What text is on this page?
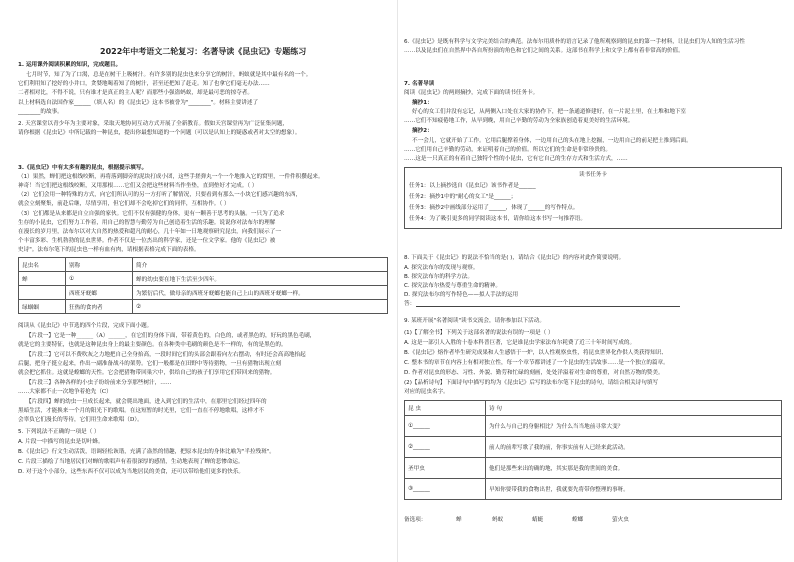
2022年中考语文二轮复习：名著导读《昆虫记》专题练习
1. 运用课外阅读积累的知识，完成题目。
七月时节，知了为了口渴，总是在树干上吸树汁。有许多别的昆虫也来分享它的树汁，蚂蚁就是其中最有名的一个。
它们利用知了挖好的小井口，贪婪地喝着知了的树汁，甚至还把知了赶走。知了也拿它们毫无办法……
二者相对比，不得不说，只有谁才是真正的主人呢？而那些小强盗蚂蚁，却是最可恶的掠夺者。
以上材料选自法国作家______（填人名）的《昆虫记》这本书被誉为"________"。材料主要讲述了
________的故事。
2. 天宫课堂以青少年为主要对象，采取天地协同互动方式开展了全新教育。假如天宫课堂再为广泛征集问题，
请你根据《昆虫记》中所记载的一种昆虫，提出你最想知道的一个问题（可以是认知上的疑惑或者对太空的想象）。
3.《昆虫记》中有太多有趣的昆虫，根据提示填写。
（1）果然，蝉们把这根线咬断，再将落到脚旁的泥块打成小团，这些手搓弹丸一个一个地推入它的窝里，一件件积攒起来。
神奇！当它们把这根线咬断，又用那根……它们又会把这些材料当作坐垫，直到垫好才完成。（ ）
（2）它们会用一种特殊的方式，向它们所认可的另一方打听了解情况，只要看到有那么一小块它们感兴趣的东西，
就会立刻聚集，前赴后继，尽情享用，但它们却不会吃掉它们的同伴，互相协作。（ ）
（3）它们都是从来都是自立自强的家伙。它们不仅有强健的身体，更有一颗善于思考的头脑。一只为了追求
生存的小昆虫，它们努力工作着，用自己的智慧与勤劳为自己创造着生活的乐趣。说说你对法布尔的理解
在漫长的岁月里，法布尔以对大自然的热爱和超凡的耐心，几十年如一日地观察研究昆虫，向我们展示了一
个丰富多彩、生机勃勃的昆虫世界。作者不仅是一位杰出的科学家，还是一位文学家。他的《昆虫记》被
史诗"。法布尔笔下的昆虫也一样有血有肉，请根据表格完成下面的表格。
昆虫名	别称	简介
蝉	①	蝉的幼虫要在地下生活至少四年。
	西班牙蜣螂	为繁衍后代，做母亲的西班牙蜣螂也能自己上山的西班牙蜣螂一样。
绿蝈蝈	狂热的食肉者	②
阅读从《昆虫记》中节选的四个片段，完成下面小题。
【片段一】它是一种______（A）______，在它们的身体下面，带着黄色的，白色的，或者黑色的，好玩的黑色毛刷，
就是它的主要特征，也就是这种昆虫身上的最主要颜色。在各种类中毛刷的颜色是不一样的，有的是黑色的。
【片段二】它可以不费吹灰之力地把自己全身抬高，一段时间它们的头部会跟着向左右摆动，有时还会高高地抬起
后腿，把身子挺立起来，作出一副准备战斗的架势。它们一般都是在田野中等待猎物，一旦有猎物出现立刻
就会把它抓住。这就是螳螂的天性。它会把猎物带回巢穴中，供给自己的孩子们享用它们带回来的猎物。
【片段三】各种各样的小虫子纷纷前来分享那些树汁，……
……大家都不止一次地争着抢先（C）
【片段四】蝉的幼虫一旦成长起来，就会爬出地面，进入到它们的生活中，在那里它们经过四年的
黑暗生活，才能换来一个月的阳光下的歌唱。在这短暂的时光里，它们一直在不停地歌唱，这样才不
会辜负它们漫长的等待，它们用生命来歌唱（D）。
5. 下列说法不正确的一项是（ ）
A. 片段一中描写的昆虫是切叶蜂。
B.《昆虫记》行文生动活泼，语调轻松诙谐，充满了盎然的情趣，把原本昆虫的身体比喻为"半拉残斑"。
C. 片段三描绘了当地居民们对蝉的歌唱声有着很深厚的感情，生动地表现了蝉的悲惨命运。
D. 对于这个小部分，这些东西不仅可以成为当地居民的美食，还可以带给他们更多的快乐。
6.《昆虫记》是既有科学与文学完美结合的典范。法布尔用质朴的语言记录了他所观察到的昆虫的第一手材料，让昆虫们为人知的生活习性
……以及昆虫们在自然界中各自所扮演的角色和它们之间的关系。这部书在科学上和文学上都有着非常高的价值。
7. 名著导读
阅读《昆虫记》的两则摘抄，完成下面的读书任务卡。
摘抄1：
好心的女工们并没有忘记，从两侧入口处在大家的协作下，把一条通道修建好，在一片泥土里，在土堆和地下室
……它们不知疲倦地工作，从早到晚，用自己辛勤的劳动为全家族创造着更美好的生活环境。
摘抄2：
不一会儿，它就开始了工作。它用后腿撑着身体，一边用自己的头在地上挖掘，一边用自己的前足把土推到后面。
……它们用自己辛勤的劳动，来证明着自己的价值。所以它们的生命是非常珍贵的。
……这是一只真正的有着自己独特个性的小昆虫，它有它自己的生存方式和生活方式，……
读书任务卡
任务1：以上摘抄选自《昆虫记》该书作者是______
任务2：摘抄1中的"耐心的女工"是______；
任务3：摘抄2中画线部分运用了______，体现了______的写作特点。
任务4：为了吸引更多的同学阅读这本书，请你给这本书写一句推荐语。
8. 下面关于《昆虫记》的说法不恰当的是( )，请结合《昆虫记》的内容对此作简要说明。
A. 探究法布尔的发现与观察。
B. 探究法布尔的科学方法。
C. 探究法布尔热爱与尊重生命的精神。
D. 探究法布尔的写作特色——拟人手法的运用
答：
9. 某班开展"名著阅读"读书交流会，请你参加以下活动。
(1)【了解全书】下列关于这部名著的说法有误的一项是（ ）
A. 这是一部引人入胜的十卷本科普巨著，它是谁昆虫学家法布尔耗费了近三十年时间写成的。
B.《昆虫记》熔作者毕生研究成果和人生感悟于一炉，以人性观察虫性，将昆虫世界化作供人类获得知识、
C. 整本书的章节在内容上有相对独立性，每一个章节都讲述了一个昆虫的生活故事……是一个独立的篇章。
D. 作者对昆虫的形态、习性、外貌、勤劳和忙碌的刻画，处处洋溢着对生命的尊重，对自然万物的赞美。
(2)【品析诗句】下面诗句中描写的均为《昆虫记》后写的法布尔笔下昆虫的诗句，请结合相关诗句填写
对应的昆虫名字。
昆 虫	诗 句
①______	为什么与自己的身躯相比？为什么当当地前寻常大变？
②______	前人的前辈写歌了我的前，你事实前有人已经来此活动。
圣甲虫	他们是那些来出的确的地，其实那是我的世间的美食。
③______	早知你要带我的食物出世，我就要先将带你整理的事呀。
备选项：	蝉	蚂蚁	蜻蜓	螳螂	萤火虫
